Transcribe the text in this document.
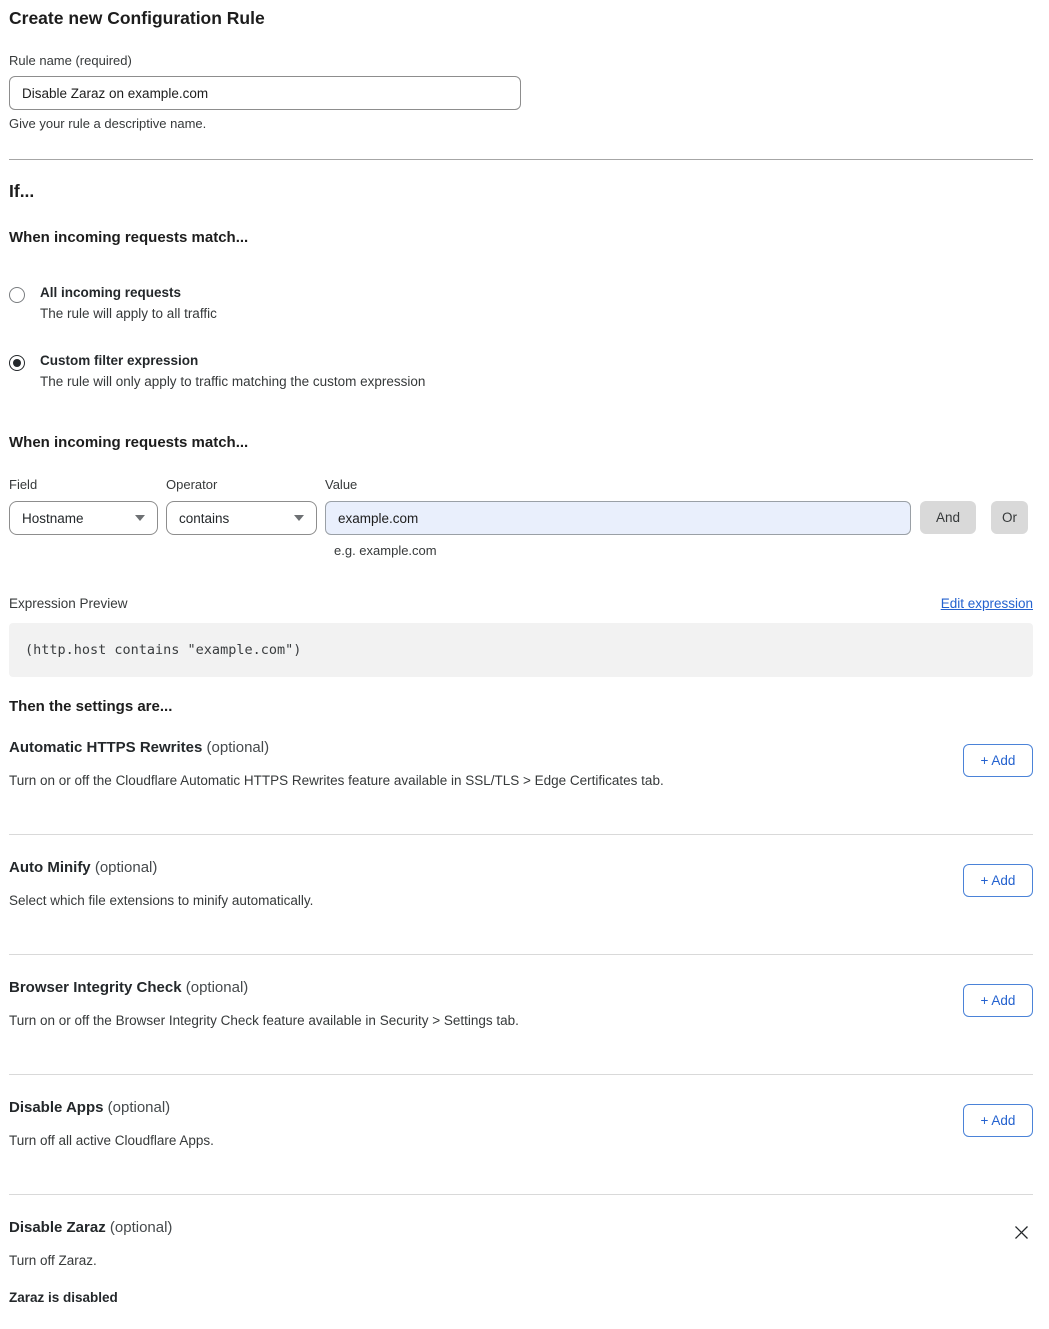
Create new Configuration Rule
Rule name (required)
Disable Zaraz on example.com
Give your rule a descriptive name.
If...
When incoming requests match...
All incoming requests
The rule will apply to all traffic
Custom filter expression
The rule will only apply to traffic matching the custom expression
When incoming requests match...
Field
Hostname
Operator
contains
Value
example.com
And	Or
e.g. example.com
Expression Preview	Edit expression
(http.host contains "example.com")
Then the settings are...
Automatic HTTPS Rewrites (optional)
Turn on or off the Cloudflare Automatic HTTPS Rewrites feature available in SSL/TLS > Edge Certificates tab.
+ Add
Auto Minify (optional)
Select which file extensions to minify automatically.
+ Add
Browser Integrity Check (optional)
Turn on or off the Browser Integrity Check feature available in Security > Settings tab.
+ Add
Disable Apps (optional)
Turn off all active Cloudflare Apps.
+ Add
Disable Zaraz (optional)
Turn off Zaraz.
Zaraz is disabled
